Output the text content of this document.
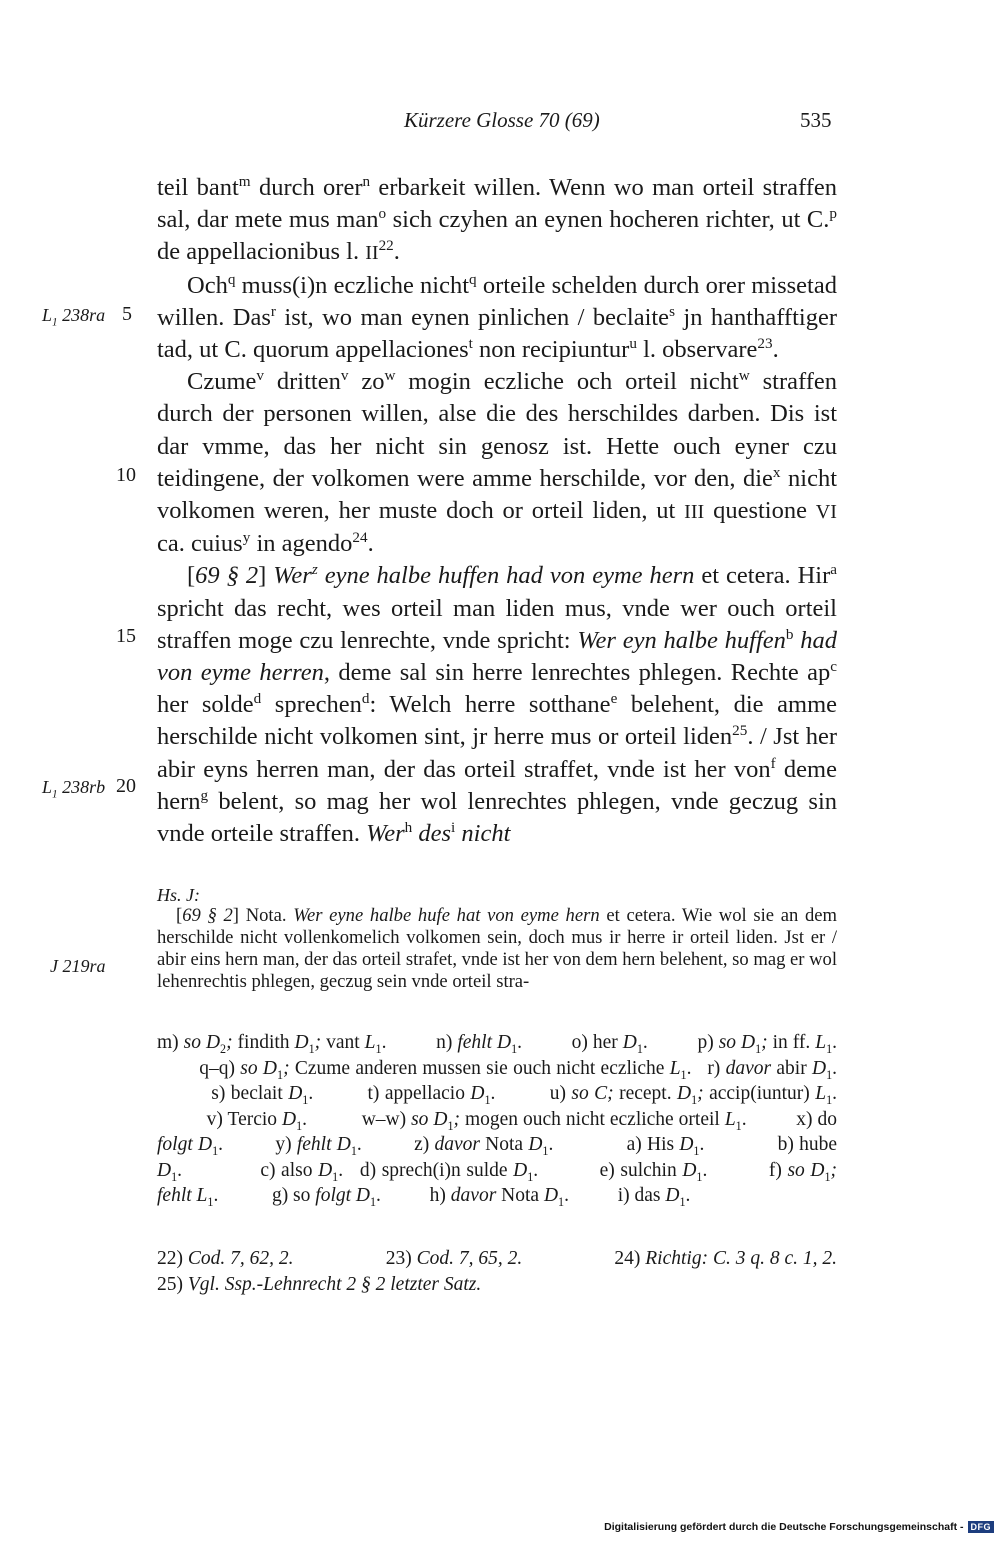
Kürzere Glosse 70 (69)	535
$L_1$ 238ra 5
10
15
$L_1$ 238rb 20
J 219ra

teil bant$^m$ durch orer$^n$ erbarkeit willen. Wenn wo man orteil straffen sal, dar mete mus man$^o$ sich czyhen an eynen hocheren richter, ut C.$^p$ de appellacionibus l. II$^{22}$.

Och$^q$ muss(i)n eczliche nicht$^q$ orteile schelden durch orer missetad willen. Das$^r$ ist, wo man eynen pinlichen / beclaite$^s$ jn hanthafftiger tad, ut C. quorum appellaciones$^t$ non recipiuntur$^u$ l. observare$^{23}$.

Czume$^v$ dritten$^v$ $zo^w$ mogin eczliche och orteil nicht$^w$ straffen durch der personen willen, alse die des herschildes darben. Dis ist dar vmme, das her nicht sin genosz ist. Hette ouch eyner czu teidingene, der volkomen were amme herschilde, vor den, die$^x$ nicht volkomen weren, her muste doch or orteil liden, ut III questione VI ca. cuius$^y$ in agendo$^{24}$.

[69 § 2] Wer$^z$ eyne halbe huffen had von eyme hern et cetera. Hir$^a$ spricht das recht, wes orteil man liden mus, vnde wer ouch orteil straffen moge czu lenrechte, vnde spricht: Wer eyn halbe huffen$^b$ had von eyme herren, deme sal sin herre lenrechtes phlegen. Rechte $ap^c$ her solde$^d$ sprechen$^d$: Welch herre sotthane$^e$ belehent, die amme herschilde nicht volkomen sint, jr herre mus or orteil liden$^{25}$. / Jst her abir eyns herren man, der das orteil straffet, vnde ist her von$^f$ deme hern$^g$ belent, so mag her wol lenrechtes phlegen, vnde geczug sin vnde orteile straffen. Wer$^h$ des$^i$ nicht

Hs. J:

[69 § 2] Nota. Wer eyne halbe hufe hat von eyme hern et cetera. Wie wol sie an dem herschilde nicht vollenkomelich volkomen sein, doch mus ir herre ir orteil liden. Jst er / abir eins hern man, der das orteil strafet, vnde ist her von dem hern belehent, so mag er wol lehenrechtis phlegen, geczug sein vnde orteil stra-

m) so $D_2$; findith $D_1$; vant $L_1$.          n) fehlt $D_1$.          o) her $D_1$.          p) so $D_1$; in ff. $L_1$.         q–q) so $D_1$; Czume anderen mussen sie ouch nicht eczliche $L_1$.   r) davor abir $D_1$.           s) beclait $D_1$.          t) appellacio $D_1$.          u) so C; recept. $D_1$; accip(iuntur) $L_1$.           v) Tercio $D_1$.           w–w) so $D_1$; mogen ouch nicht eczliche orteil $L_1$.          x) do folgt $D_1$.          y) fehlt $D_1$.          z) davor Nota $D_1$.              a) His $D_1$.              b) hube $D_1$.              c) also $D_1$.   d) sprech(i)n sulde $D_1$.           e) sulchin $D_1$.           f) so $D_1$; fehlt $L_1$.           g) so folgt $D_1$.          h) davor Nota $D_1$.          i) das $D_1$.

22) Cod. 7, 62, 2.	23) Cod. 7, 65, 2.	24) Richtig: C. 3 q. 8 c. 1, 2.
25) Vgl. Ssp.-Lehnrecht 2 § 2 letzter Satz.
Digitalisierung gefördert durch die Deutsche Forschungsgemeinschaft - DFG
